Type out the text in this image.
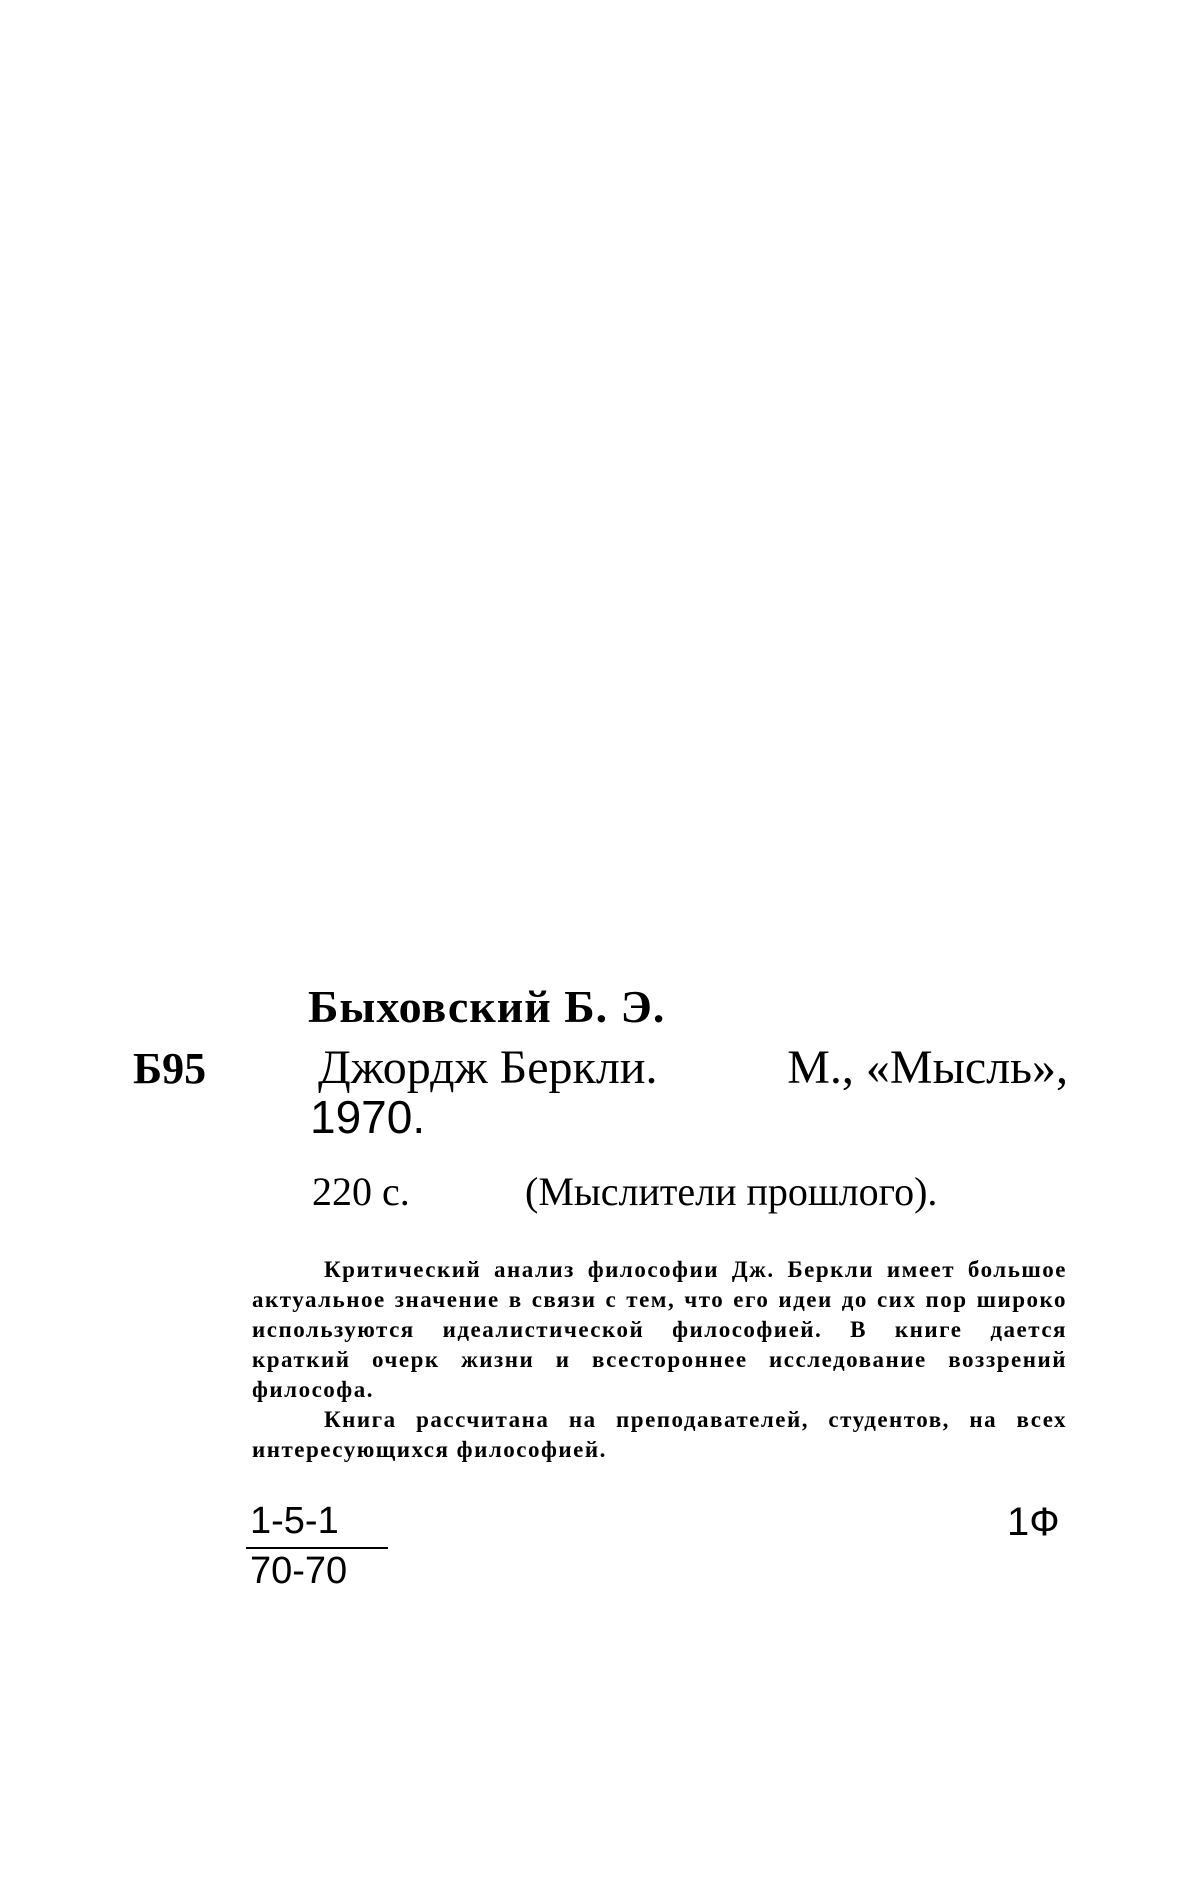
Быховский Б. Э.
Б95 Джордж Беркли.	М., «Мысль»,
1970.
220 с.	(Мыслители прошлого).

Критический анализ философии Дж. Беркли имеет большое актуальное значение в связи с тем, что его идеи до сих пор широко используются идеалистической философией. В книге дается краткий очерк жизни и всестороннее исследование воззрений философа.

Книга рассчитана на преподавателей, студентов, на всех интересующихся философией.

1-5-1
70-70
1Ф
